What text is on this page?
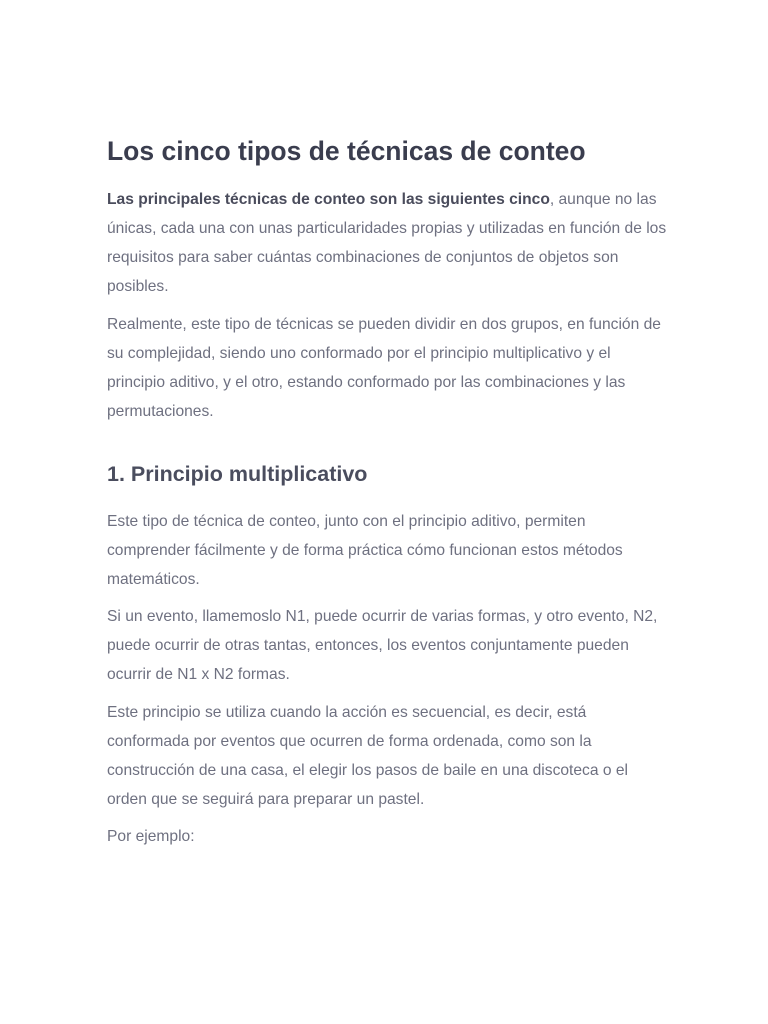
Los cinco tipos de técnicas de conteo

Las principales técnicas de conteo son las siguientes cinco, aunque no las únicas, cada una con unas particularidades propias y utilizadas en función de los requisitos para saber cuántas combinaciones de conjuntos de objetos son posibles.

Realmente, este tipo de técnicas se pueden dividir en dos grupos, en función de su complejidad, siendo uno conformado por el principio multiplicativo y el principio aditivo, y el otro, estando conformado por las combinaciones y las permutaciones.

1. Principio multiplicativo

Este tipo de técnica de conteo, junto con el principio aditivo, permiten comprender fácilmente y de forma práctica cómo funcionan estos métodos matemáticos.

Si un evento, llamemoslo N1, puede ocurrir de varias formas, y otro evento, N2, puede ocurrir de otras tantas, entonces, los eventos conjuntamente pueden ocurrir de N1 x N2 formas.

Este principio se utiliza cuando la acción es secuencial, es decir, está conformada por eventos que ocurren de forma ordenada, como son la construcción de una casa, el elegir los pasos de baile en una discoteca o el orden que se seguirá para preparar un pastel.

Por ejemplo:
